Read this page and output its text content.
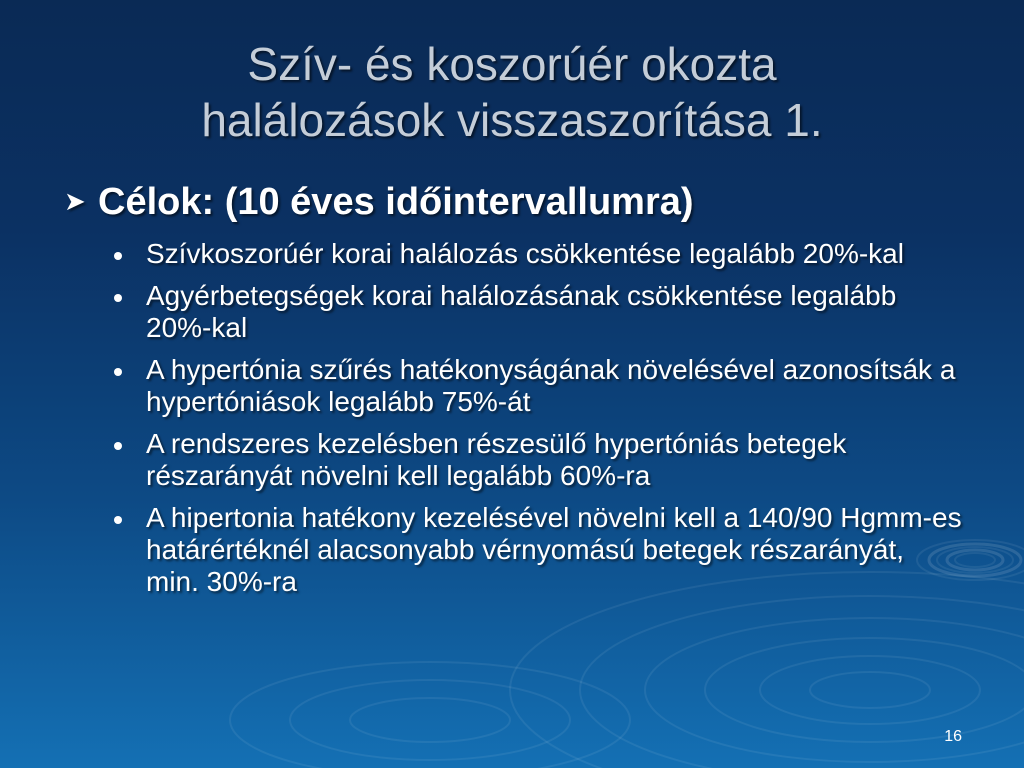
Szív- és koszorúér okozta
halálozások visszaszorítása 1.
➤ Célok: (10 éves időintervallumra)
Szívkoszorúér korai halálozás csökkentése legalább 20%-kal
Agyérbetegségek korai halálozásának csökkentése legalább 20%-kal
A hypertónia szűrés hatékonyságának növelésével azonosítsák a hypertóniások legalább 75%-át
A rendszeres kezelésben részesülő hypertóniás betegek részarányát növelni kell legalább 60%-ra
A hipertonia hatékony kezelésével növelni kell a 140/90 Hgmm-es határértéknél alacsonyabb vérnyomású betegek részarányát, min. 30%-ra
16
